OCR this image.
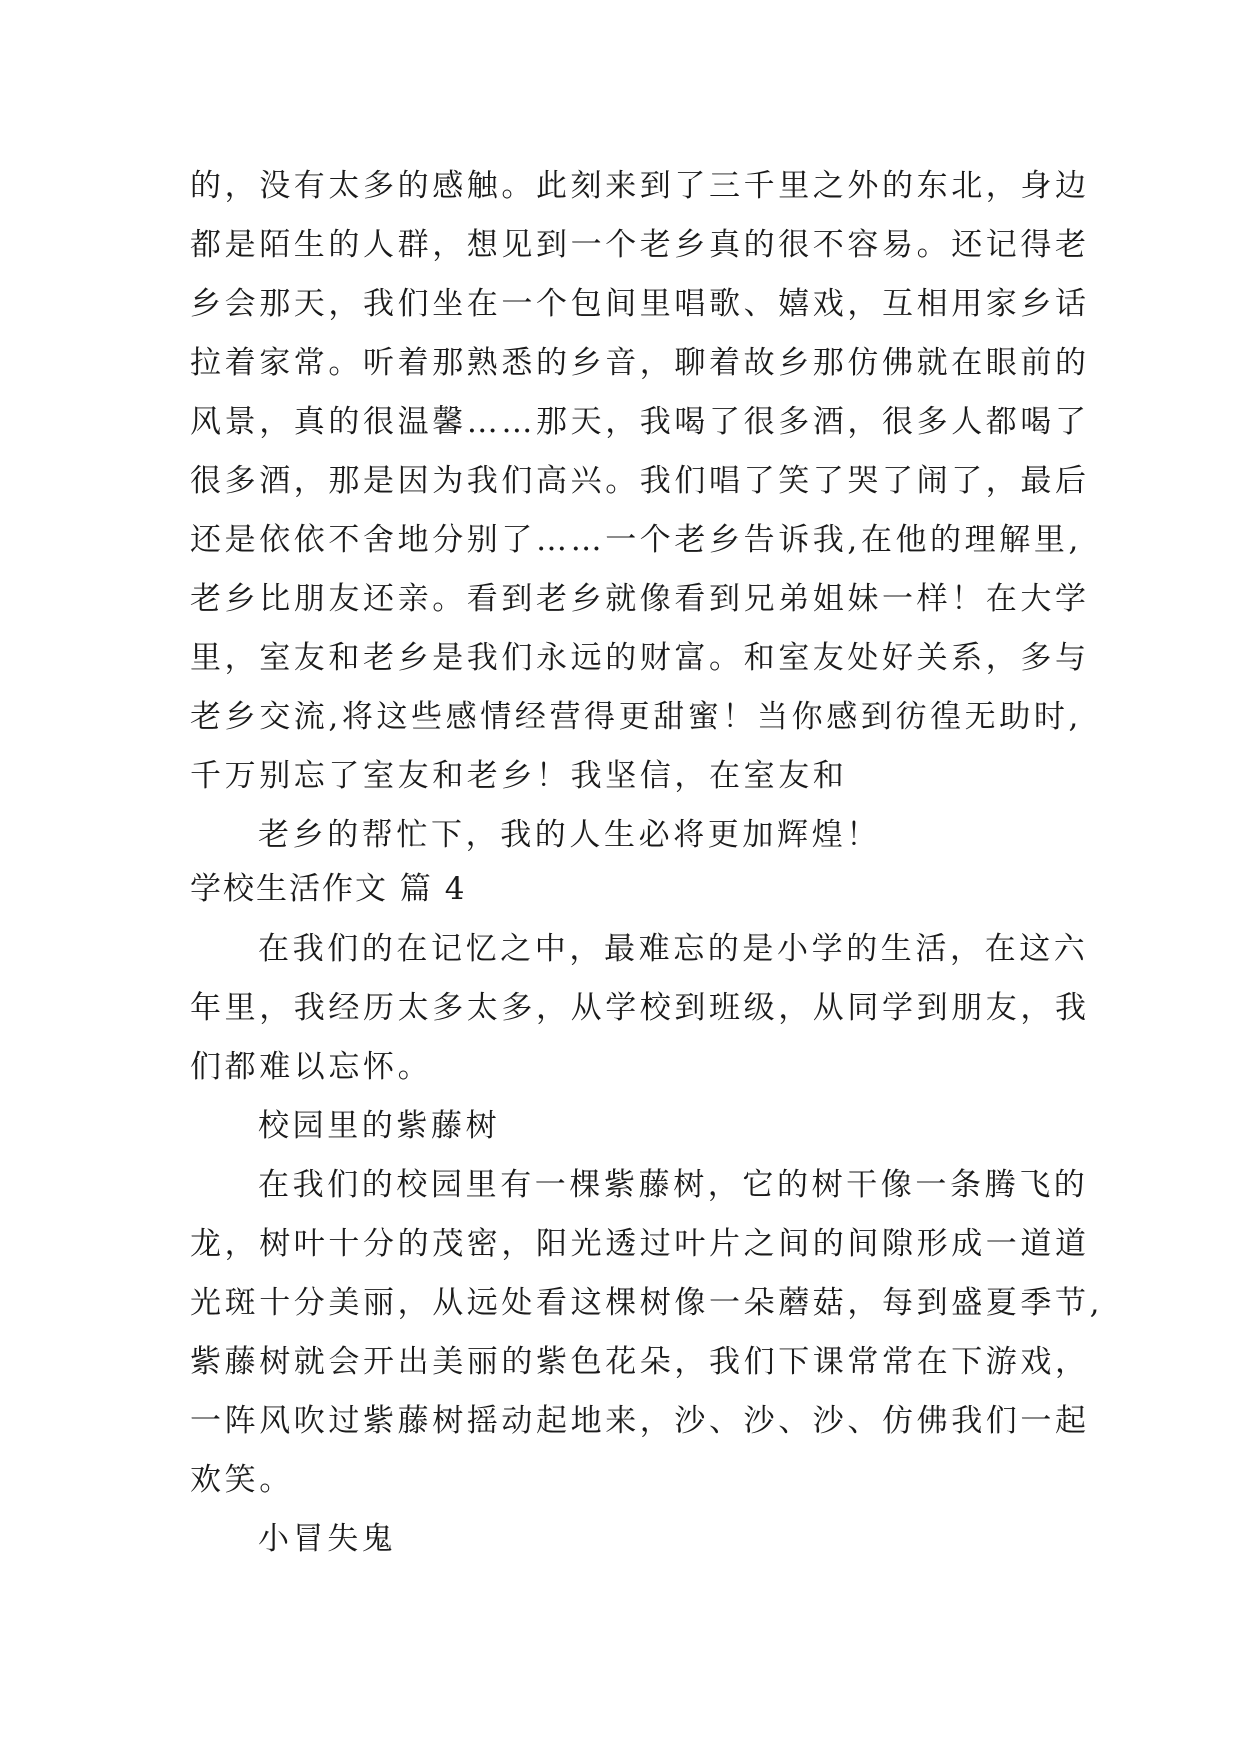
的，没有太多的感触。此刻来到了三千里之外的东北，身边
都是陌生的人群，想见到一个老乡真的很不容易。还记得老
乡会那天，我们坐在一个包间里唱歌、嬉戏，互相用家乡话
拉着家常。听着那熟悉的乡音，聊着故乡那仿佛就在眼前的
风景，真的很温馨……那天，我喝了很多酒，很多人都喝了
很多酒，那是因为我们高兴。我们唱了笑了哭了闹了，最后
还是依依不舍地分别了……一个老乡告诉我,在他的理解里,
老乡比朋友还亲。看到老乡就像看到兄弟姐妹一样！在大学
里，室友和老乡是我们永远的财富。和室友处好关系，多与
老乡交流,将这些感情经营得更甜蜜！当你感到彷徨无助时,
千万别忘了室友和老乡！我坚信，在室友和
老乡的帮忙下，我的人生必将更加辉煌！
学校生活作文 篇 4
在我们的在记忆之中，最难忘的是小学的生活，在这六
年里，我经历太多太多，从学校到班级，从同学到朋友，我
们都难以忘怀。
校园里的紫藤树
在我们的校园里有一棵紫藤树，它的树干像一条腾飞的
龙，树叶十分的茂密，阳光透过叶片之间的间隙形成一道道
光斑十分美丽，从远处看这棵树像一朵蘑菇，每到盛夏季节,
紫藤树就会开出美丽的紫色花朵，我们下课常常在下游戏，
一阵风吹过紫藤树摇动起地来，沙、沙、沙、仿佛我们一起
欢笑。
小冒失鬼
